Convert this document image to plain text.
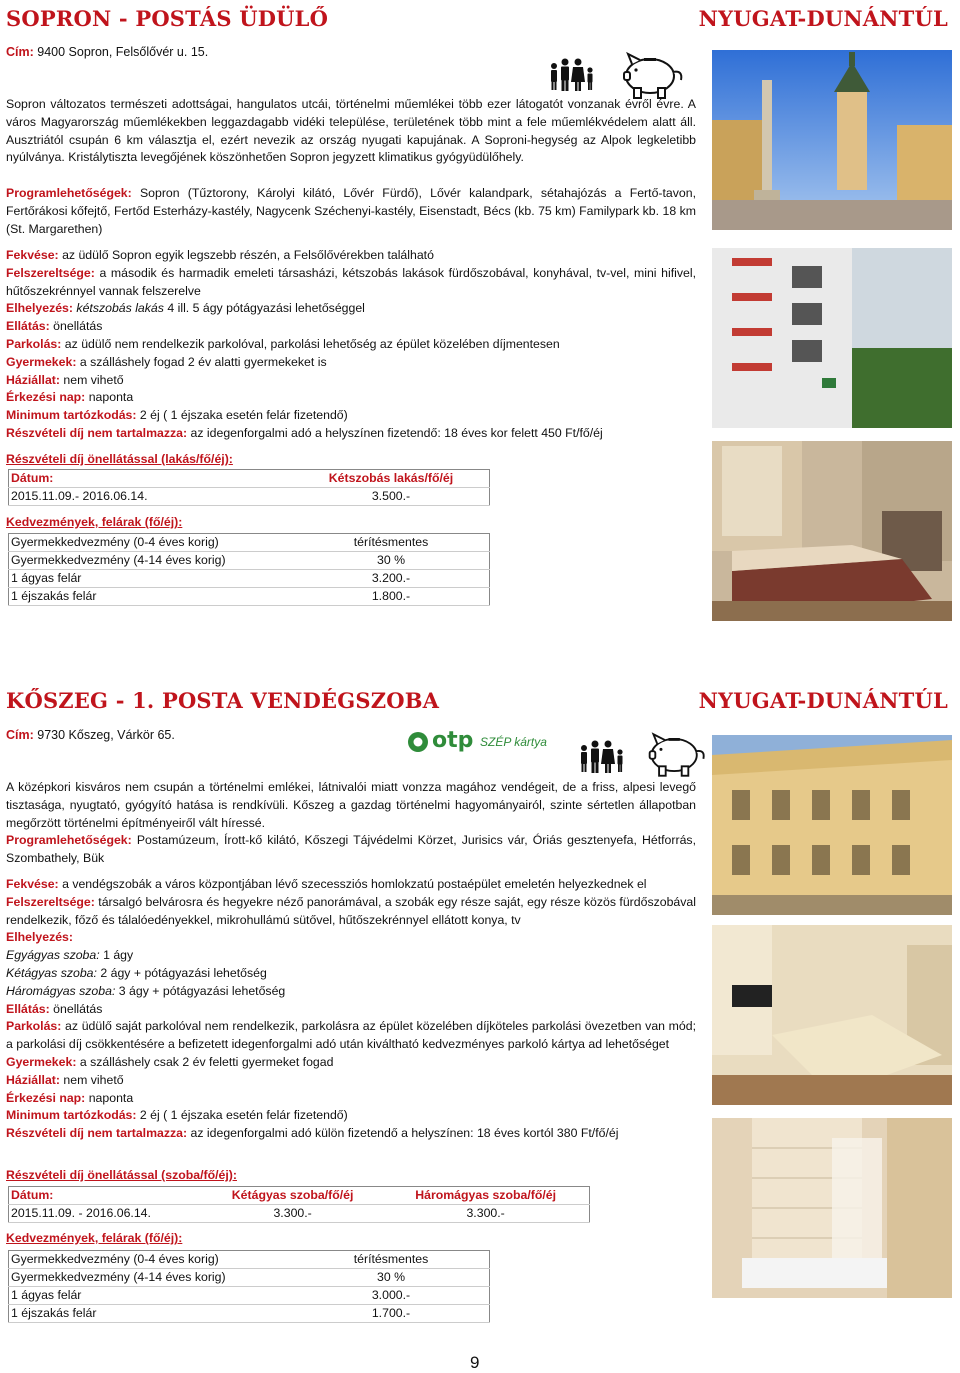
SOPRON - POSTÁS ÜDÜLŐ	NYUGAT-DUNÁNTÚL
Cím: 9400 Sopron, Felsőlővér u. 15.
Sopron változatos természeti adottságai, hangulatos utcái, történelmi műemlékei több ezer látogatót vonzanak évről évre. A város Magyarország műemlékekben leggazdagabb vidéki települése, területének több mint a fele műemlékvédelem alatt áll. Ausztriától csupán 6 km választja el, ezért nevezik az ország nyugati kapujának. A Soproni-hegység az Alpok legkeletibb nyúlványa. Kristálytiszta levegőjének köszönhetően Sopron jegyzett klimatikus gyógyüdülőhely.
Programlehetőségek: Sopron (Tűztorony, Károlyi kilátó, Lővér Fürdő), Lővér kalandpark, sétahajózás a Fertő-tavon, Fertőrákosi kőfejtő, Fertőd Esterházy-kastély, Nagycenk Széchenyi-kastély, Eisenstadt, Bécs (kb. 75 km) Familypark kb. 18 km (St. Margarethen)
Fekvése: az üdülő Sopron egyik legszebb részén, a Felsőlővérekben található
Felszereltsége: a második és harmadik emeleti társasházi, kétszobás lakások fürdőszobával, konyhával, tv-vel, mini hifivel, hűtőszekrénnyel vannak felszerelve
Elhelyezés: kétszobás lakás 4 ill. 5 ágy pótágyazási lehetőséggel
Ellátás: önellátás
Parkolás: az üdülő nem rendelkezik parkolóval, parkolási lehetőség az épület közelében díjmentesen
Gyermekek: a szálláshely fogad 2 év alatti gyermekeket is
Háziállat: nem vihető
Érkezési nap: naponta
Minimum tartózkodás: 2 éj ( 1 éjszaka esetén felár fizetendő)
Részvételi díj nem tartalmazza: az idegenforgalmi adó a helyszínen fizetendő: 18 éves kor felett 450 Ft/fő/éj
Részvételi díj önellátással (lakás/fő/éj):
Dátum:	Kétszobás lakás/fő/éj
2015.11.09.- 2016.06.14.	3.500.-
Kedvezmények, felárak (fő/éj):
Gyermekkedvezmény (0-4 éves korig)	térítésmentes
Gyermekkedvezmény (4-14 éves korig)	30 %
1 ágyas felár	3.200.-
1 éjszakás felár	1.800.-
KŐSZEG - 1. POSTA VENDÉGSZOBA	NYUGAT-DUNÁNTÚL
Cím: 9730 Kőszeg, Várkör 65.	otp SZÉP kártya
A középkori kisváros nem csupán a történelmi emlékei, látnivalói miatt vonzza magához vendégeit, de a friss, alpesi levegő tisztasága, nyugtató, gyógyító hatása is rendkívüli. Kőszeg a gazdag történelmi hagyományairól, szinte sértetlen állapotban megőrzött történelmi építményeiről vált híressé.
Programlehetőségek: Postamúzeum, Írott-kő kilátó, Kőszegi Tájvédelmi Körzet, Jurisics vár, Óriás gesztenyefa, Hétforrás, Szombathely, Bük
Fekvése: a vendégszobák a város központjában lévő szecessziós homlokzatú postaépület emeletén helyezkednek el
Felszereltsége: társalgó belvárosra és hegyekre néző panorámával, a szobák egy része saját, egy része közös fürdőszobával rendelkezik, főző és tálalóedényekkel, mikrohullámú sütővel, hűtőszekrénnyel ellátott konya, tv
Elhelyezés:
Egyágyas szoba: 1 ágy
Kétágyas szoba: 2 ágy + pótágyazási lehetőség
Háromágyas szoba: 3 ágy + pótágyazási lehetőség
Ellátás: önellátás
Parkolás: az üdülő saját parkolóval nem rendelkezik, parkolásra az épület közelében díjköteles parkolási övezetben van mód; a parkolási díj csökkentésére a befizetett idegenforgalmi adó után kiváltható kedvezményes parkoló kártya ad lehetőséget
Gyermekek: a szálláshely csak 2 év feletti gyermeket fogad
Háziállat: nem vihető
Érkezési nap: naponta
Minimum tartózkodás: 2 éj ( 1 éjszaka esetén felár fizetendő)
Részvételi díj nem tartalmazza: az idegenforgalmi adó külön fizetendő a helyszínen: 18 éves kortól 380 Ft/fő/éj
Részvételi díj önellátással (szoba/fő/éj):
Dátum:	Kétágyas szoba/fő/éj	Háromágyas szoba/fő/éj
2015.11.09. - 2016.06.14.	3.300.-	3.300.-
Kedvezmények, felárak (fő/éj):
Gyermekkedvezmény (0-4 éves korig)	térítésmentes
Gyermekkedvezmény (4-14 éves korig)	30 %
1 ágyas felár	3.000.-
1 éjszakás felár	1.700.-
9
